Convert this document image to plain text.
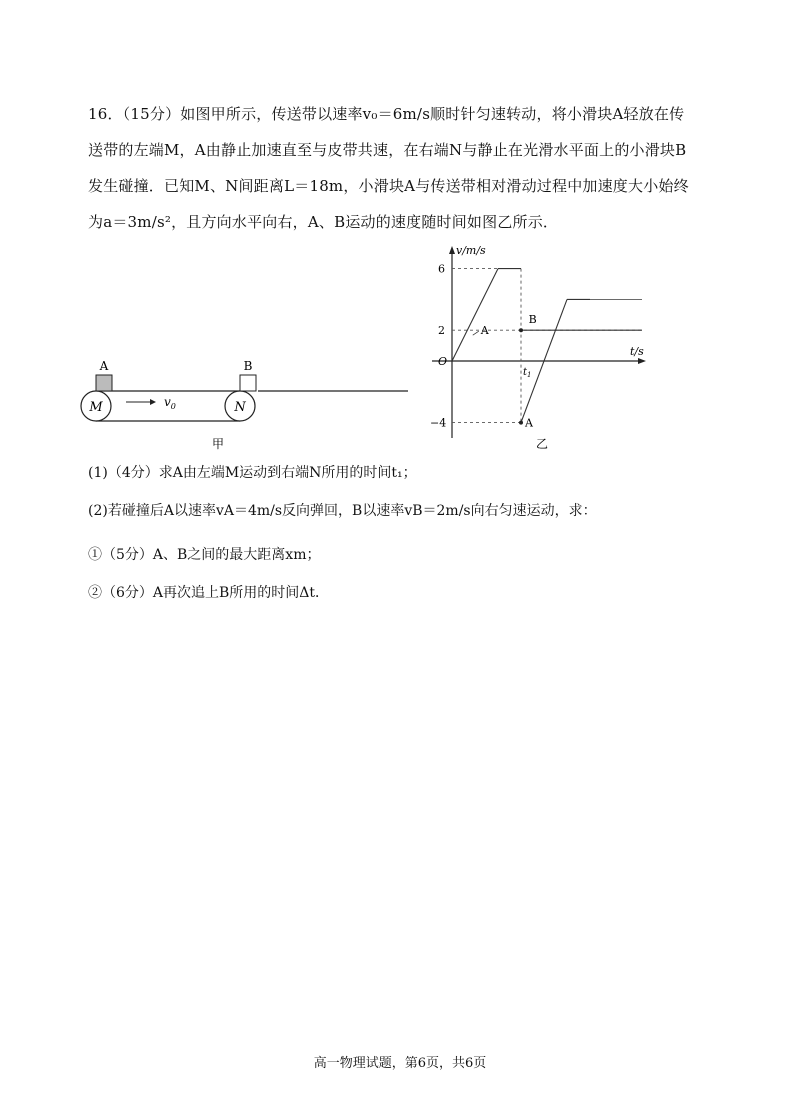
16．（15分）如图甲所示，传送带以速率v₀＝6m/s顺时针匀速转动，将小滑块A轻放在传

送带的左端M，A由静止加速直至与皮带共速，在右端N与静止在光滑水平面上的小滑块B

发生碰撞．已知M、N间距离L＝18m，小滑块A与传送带相对滑动过程中加速度大小始终

为a＝3m/s²，且方向水平向右，A、B运动的速度随时间如图乙所示．

M	N
A	B
$v_0$
甲
v/m/s
t/s
O
6
2
−4
A
B
A
$t_1$
乙
(1)（4分）求A由左端M运动到右端N所用的时间t₁；
(2)若碰撞后A以速率vA＝4m/s反向弹回，B以速率vB＝2m/s向右匀速运动，求：
①（5分）A、B之间的最大距离xm；
②（6分）A再次追上B所用的时间Δt．
高一物理试题，第6页，共6页
